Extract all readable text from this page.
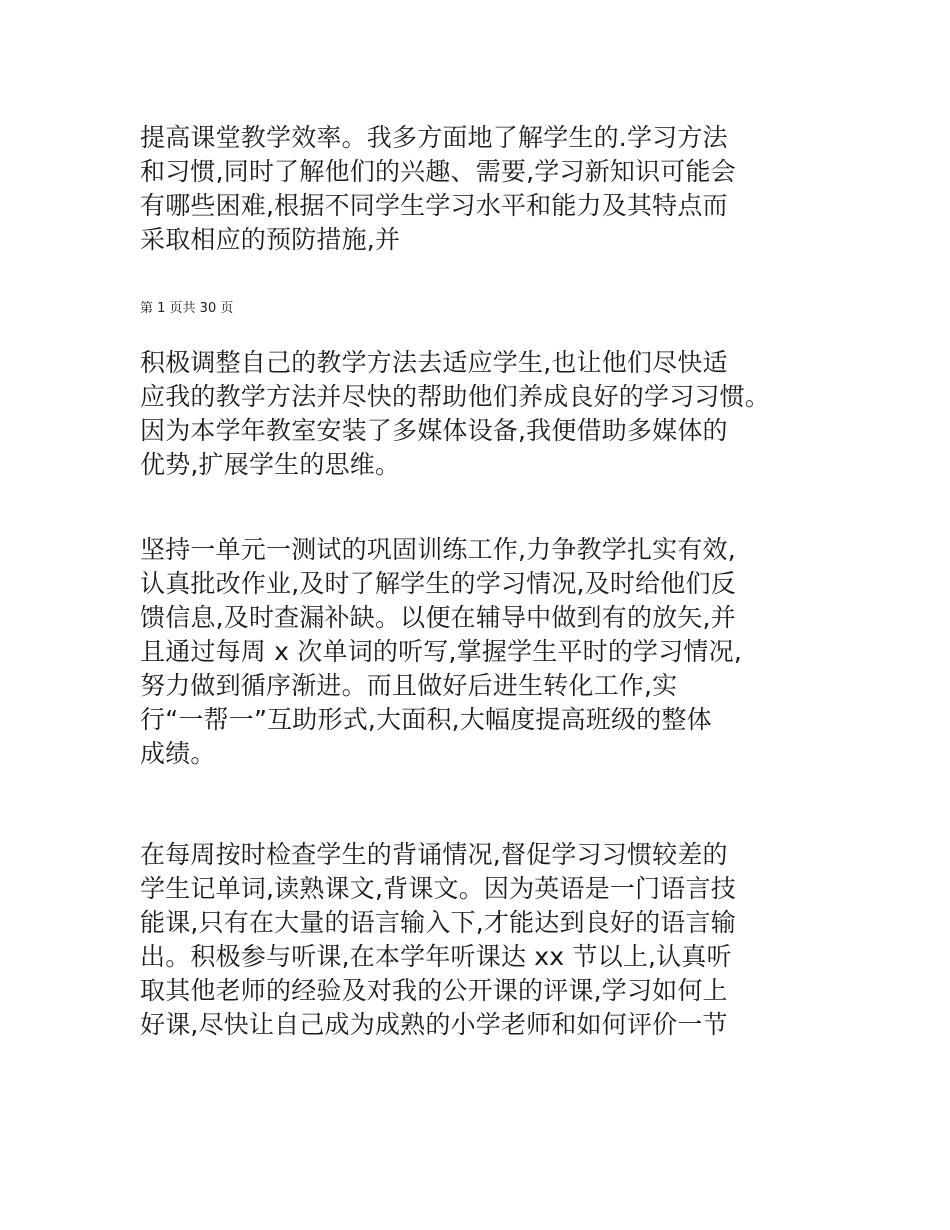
提高课堂教学效率。我多方面地了解学生的.学习方法
和习惯,同时了解他们的兴趣、需要,学习新知识可能会
有哪些困难,根据不同学生学习水平和能力及其特点而
采取相应的预防措施,并
第 1 页共 30 页
积极调整自己的教学方法去适应学生,也让他们尽快适
应我的教学方法并尽快的帮助他们养成良好的学习习惯。
因为本学年教室安装了多媒体设备,我便借助多媒体的
优势,扩展学生的思维。
坚持一单元一测试的巩固训练工作,力争教学扎实有效,
认真批改作业,及时了解学生的学习情况,及时给他们反
馈信息,及时查漏补缺。以便在辅导中做到有的放矢,并
且通过每周 x 次单词的听写,掌握学生平时的学习情况,
努力做到循序渐进。而且做好后进生转化工作,实
行“一帮一”互助形式,大面积,大幅度提高班级的整体
成绩。
在每周按时检查学生的背诵情况,督促学习习惯较差的
学生记单词,读熟课文,背课文。因为英语是一门语言技
能课,只有在大量的语言输入下,才能达到良好的语言输
出。积极参与听课,在本学年听课达 xx 节以上,认真听
取其他老师的经验及对我的公开课的评课,学习如何上
好课,尽快让自己成为成熟的小学老师和如何评价一节
